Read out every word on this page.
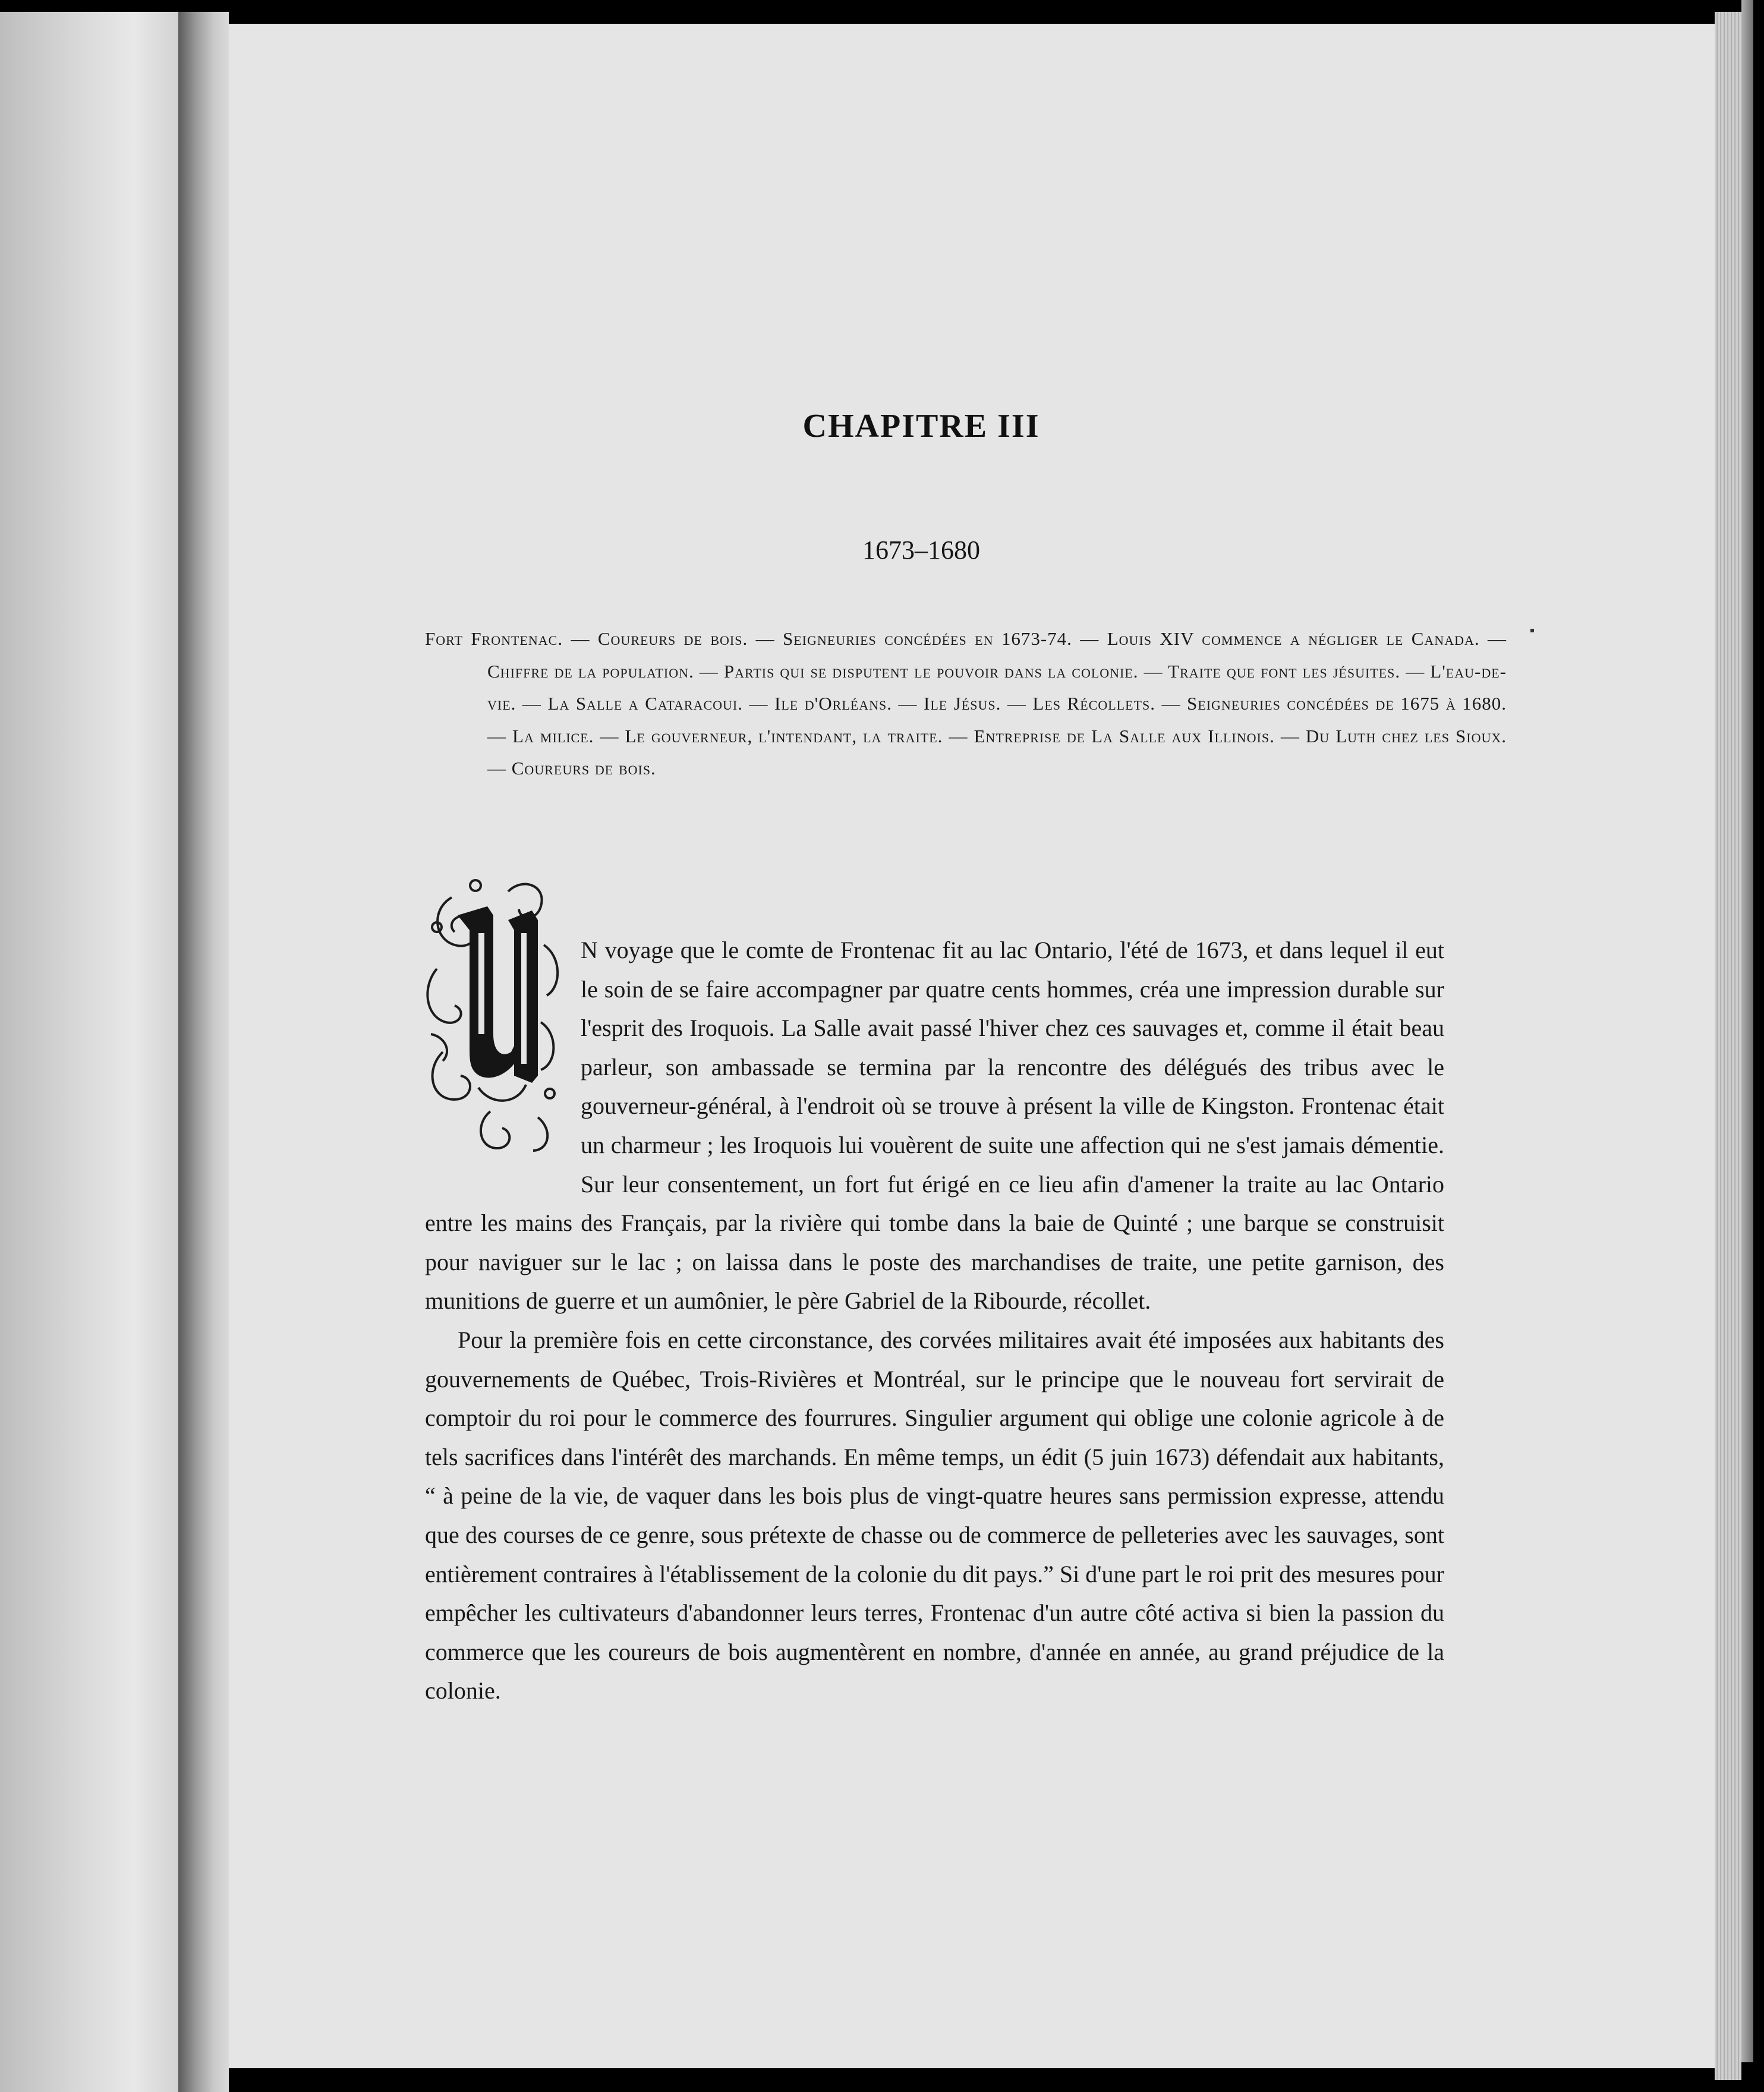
CHAPITRE III
1673–1680
Fort Frontenac. — Coureurs de bois. — Seigneuries concédées en 1673-74. — Louis XIV commence a négliger le Canada. — Chiffre de la population. — Partis qui se disputent le pouvoir dans la colonie. — Traite que font les jésuites. — L'eau-de-vie. — La Salle a Cataracoui. — Ile d'Orléans. — Ile Jésus. — Les Récollets. — Seigneuries concédées de 1675 à 1680. — La milice. — Le gouverneur, l'intendant, la traite. — Entreprise de La Salle aux Illinois. — Du Luth chez les Sioux. — Coureurs de bois.

N voyage que le comte de Frontenac fit au lac Ontario, l'été de 1673, et dans lequel il eut le soin de se faire accompagner par quatre cents hommes, créa une impression durable sur l'esprit des Iroquois. La Salle avait passé l'hiver chez ces sauvages et, comme il était beau parleur, son ambassade se termina par la rencontre des délégués des tribus avec le gouverneur-général, à l'endroit où se trouve à présent la ville de Kingston. Frontenac était un charmeur ; les Iroquois lui vouèrent de suite une affection qui ne s'est jamais démentie. Sur leur consentement, un fort fut érigé en ce lieu afin d'amener la traite au lac Ontario entre les mains des Français, par la rivière qui tombe dans la baie de Quinté ; une barque se construisit pour naviguer sur le lac ; on laissa dans le poste des marchandises de traite, une petite garnison, des munitions de guerre et un aumônier, le père Gabriel de la Ribourde, récollet.

Pour la première fois en cette circonstance, des corvées militaires avait été imposées aux habitants des gouvernements de Québec, Trois-Rivières et Montréal, sur le principe que le nouveau fort servirait de comptoir du roi pour le commerce des fourrures. Singulier argument qui oblige une colonie agricole à de tels sacrifices dans l'intérêt des marchands. En même temps, un édit (5 juin 1673) défendait aux habitants, “ à peine de la vie, de vaquer dans les bois plus de vingt-quatre heures sans permission expresse, attendu que des courses de ce genre, sous prétexte de chasse ou de commerce de pelleteries avec les sauvages, sont entièrement contraires à l'établissement de la colonie du dit pays.” Si d'une part le roi prit des mesures pour empêcher les cultivateurs d'abandonner leurs terres, Frontenac d'un autre côté activa si bien la passion du commerce que les coureurs de bois augmentèrent en nombre, d'année en année, au grand préjudice de la colonie.
